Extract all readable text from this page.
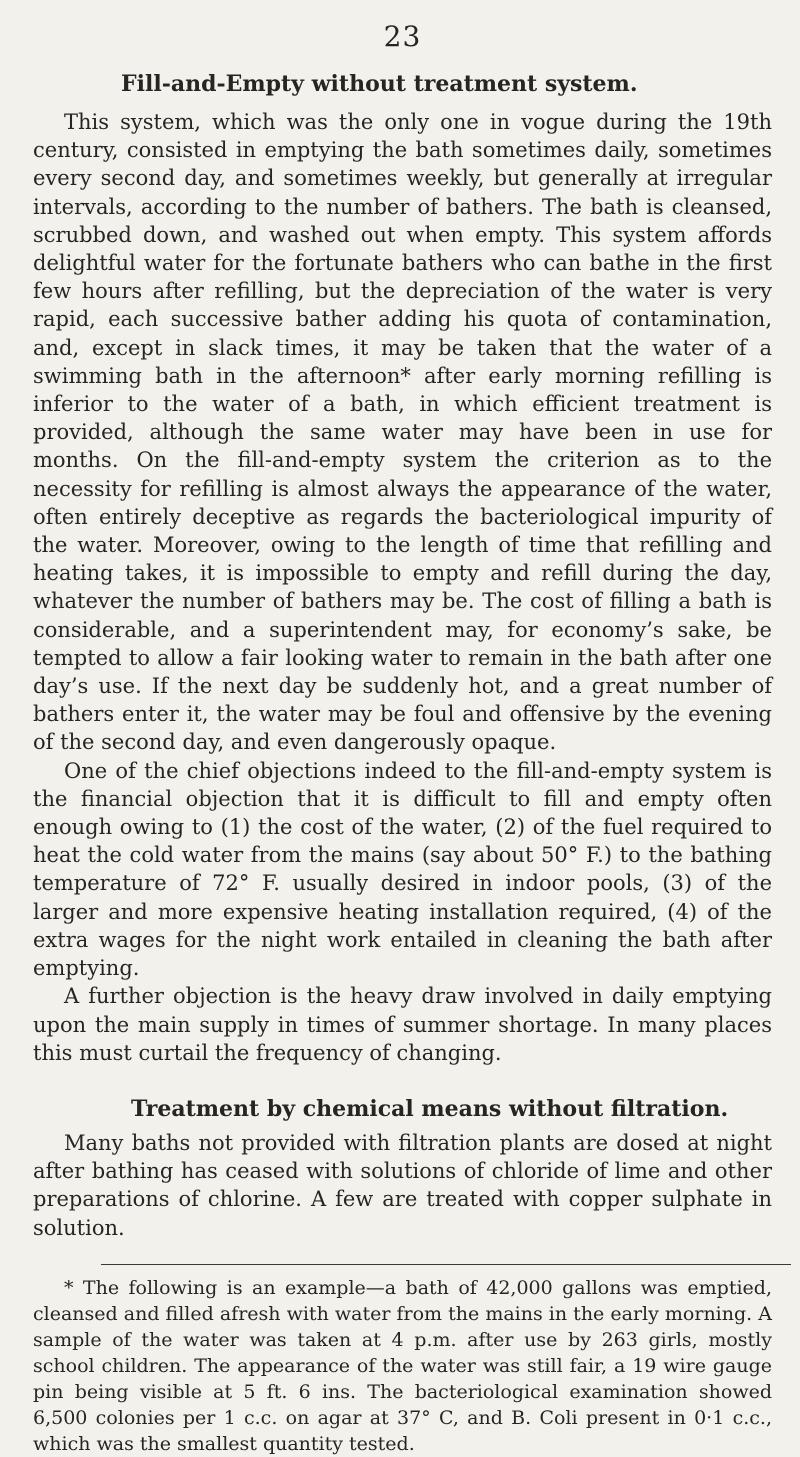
23
Fill-and-Empty without treatment system.

This system, which was the only one in vogue during the 19th century, consisted in emptying the bath sometimes daily, sometimes every second day, and sometimes weekly, but generally at irregular intervals, according to the number of bathers. The bath is cleansed, scrubbed down, and washed out when empty. This system affords delightful water for the fortunate bathers who can bathe in the first few hours after refilling, but the depreciation of the water is very rapid, each successive bather adding his quota of contamination, and, except in slack times, it may be taken that the water of a swimming bath in the afternoon* after early morning refilling is inferior to the water of a bath, in which efficient treatment is provided, although the same water may have been in use for months. On the fill-and-empty system the criterion as to the necessity for refilling is almost always the appearance of the water, often entirely deceptive as regards the bacteriological impurity of the water. Moreover, owing to the length of time that refilling and heating takes, it is impossible to empty and refill during the day, whatever the number of bathers may be. The cost of filling a bath is considerable, and a superintendent may, for economy’s sake, be tempted to allow a fair looking water to remain in the bath after one day’s use. If the next day be suddenly hot, and a great number of bathers enter it, the water may be foul and offensive by the evening of the second day, and even dangerously opaque.

One of the chief objections indeed to the fill-and-empty system is the financial objection that it is difficult to fill and empty often enough owing to (1) the cost of the water, (2) of the fuel required to heat the cold water from the mains (say about 50° F.) to the bathing temperature of 72° F. usually desired in indoor pools, (3) of the larger and more expensive heating installation required, (4) of the extra wages for the night work entailed in cleaning the bath after emptying.

A further objection is the heavy draw involved in daily emptying upon the main supply in times of summer shortage. In many places this must curtail the frequency of changing.

Treatment by chemical means without filtration.

Many baths not provided with filtration plants are dosed at night after bathing has ceased with solutions of chloride of lime and other preparations of chlorine. A few are treated with copper sulphate in solution.

* The following is an example—a bath of 42,000 gallons was emptied, cleansed and filled afresh with water from the mains in the early morning. A sample of the water was taken at 4 p.m. after use by 263 girls, mostly school children. The appearance of the water was still fair, a 19 wire gauge pin being visible at 5 ft. 6 ins. The bacteriological examination showed 6,500 colonies per 1 c.c. on agar at 37° C, and B. Coli present in 0·1 c.c., which was the smallest quantity tested.
